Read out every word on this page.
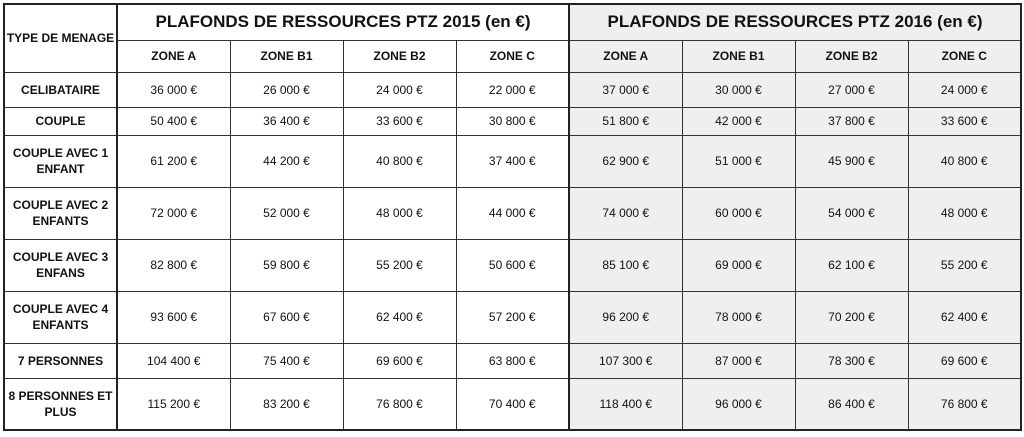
TYPE DE MENAGE	PLAFONDS DE RESSOURCES PTZ 2015 (en €)				PLAFONDS DE RESSOURCES PTZ 2016 (en €)			
	ZONE A	ZONE B1	ZONE B2	ZONE C	ZONE A	ZONE B1	ZONE B2	ZONE C
CELIBATAIRE	36 000 €	26 000 €	24 000 €	22 000 €	37 000 €	30 000 €	27 000 €	24 000 €
COUPLE	50 400 €	36 400 €	33 600 €	30 800 €	51 800 €	42 000 €	37 800 €	33 600 €
COUPLE AVEC 1 ENFANT	61 200 €	44 200 €	40 800 €	37 400 €	62 900 €	51 000 €	45 900 €	40 800 €
COUPLE AVEC 2 ENFANTS	72 000 €	52 000 €	48 000 €	44 000 €	74 000 €	60 000 €	54 000 €	48 000 €
COUPLE AVEC 3 ENFANS	82 800 €	59 800 €	55 200 €	50 600 €	85 100 €	69 000 €	62 100 €	55 200 €
COUPLE AVEC 4 ENFANTS	93 600 €	67 600 €	62 400 €	57 200 €	96 200 €	78 000 €	70 200 €	62 400 €
7 PERSONNES	104 400 €	75 400 €	69 600 €	63 800 €	107 300 €	87 000 €	78 300 €	69 600 €
8 PERSONNES ET PLUS	115 200 €	83 200 €	76 800 €	70 400 €	118 400 €	96 000 €	86 400 €	76 800 €
